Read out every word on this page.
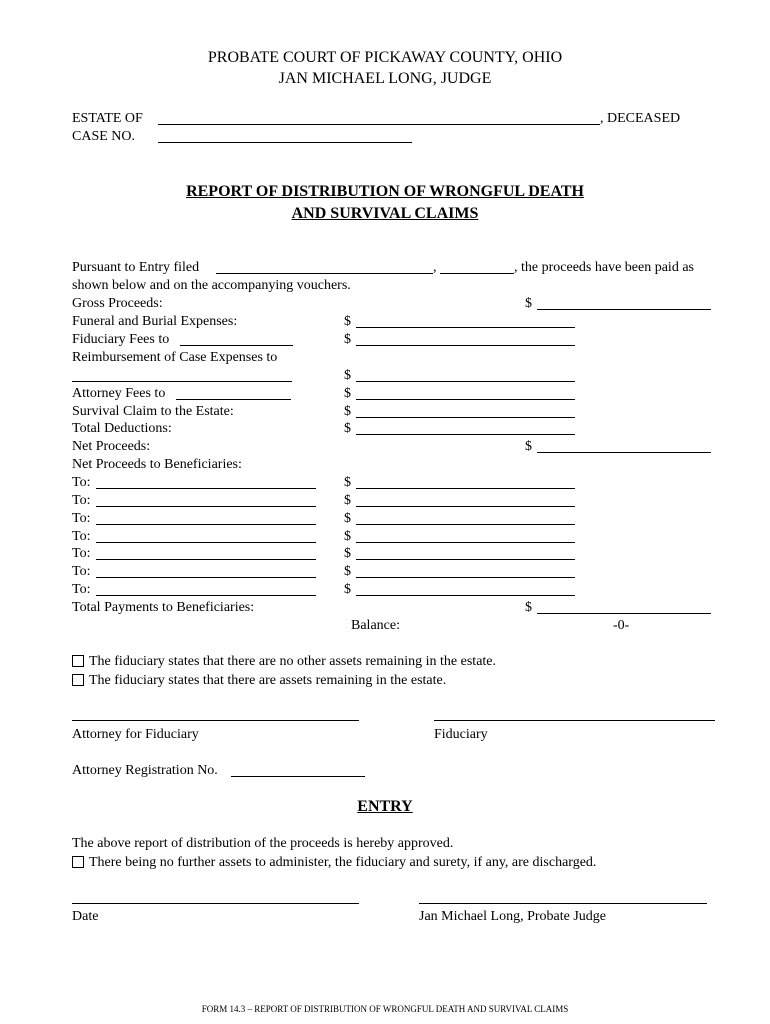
PROBATE COURT OF PICKAWAY COUNTY, OHIO
JAN MICHAEL LONG, JUDGE
ESTATE OF	, DECEASED
CASE NO.
REPORT OF DISTRIBUTION OF WRONGFUL DEATH
AND SURVIVAL CLAIMS
Pursuant to Entry filed	,	, the proceeds have been paid as
shown below and on the accompanying vouchers.
Gross Proceeds:	$
Funeral and Burial Expenses:	$
Fiduciary Fees to	$
Reimbursement of Case Expenses to
$
Attorney Fees to	$
Survival Claim to the Estate:	$
Total Deductions:	$
Net Proceeds:	$
Net Proceeds to Beneficiaries:
To:	$
To:	$
To:	$
To:	$
To:	$
To:	$
To:	$
Total Payments to Beneficiaries:	$
Balance:	-0-
The fiduciary states that there are no other assets remaining in the estate.
The fiduciary states that there are assets remaining in the estate.
Attorney for Fiduciary	Fiduciary
Attorney Registration No.
ENTRY
The above report of distribution of the proceeds is hereby approved.
There being no further assets to administer, the fiduciary and surety, if any, are discharged.
Date	Jan Michael Long, Probate Judge
FORM 14.3 – REPORT OF DISTRIBUTION OF WRONGFUL DEATH AND SURVIVAL CLAIMS
